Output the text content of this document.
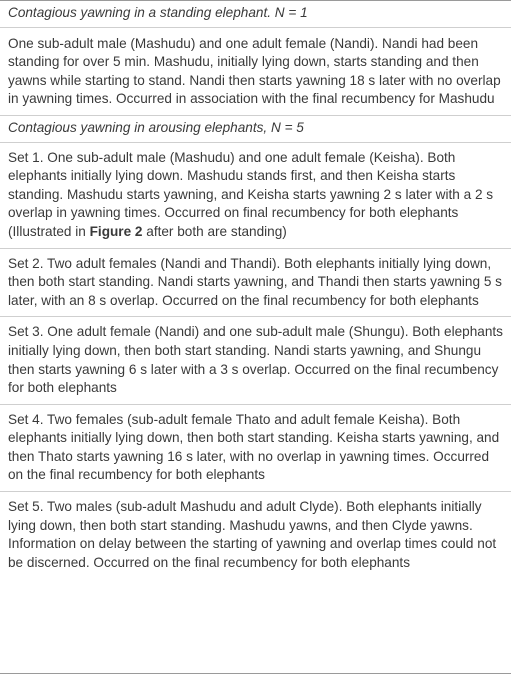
Contagious yawning in a standing elephant. N = 1
One sub-adult male (Mashudu) and one adult female (Nandi). Nandi had been standing for over 5 min. Mashudu, initially lying down, starts standing and then yawns while starting to stand. Nandi then starts yawning 18 s later with no overlap in yawning times. Occurred in association with the final recumbency for Mashudu
Contagious yawning in arousing elephants, N = 5
Set 1. One sub-adult male (Mashudu) and one adult female (Keisha). Both elephants initially lying down. Mashudu stands first, and then Keisha starts standing. Mashudu starts yawning, and Keisha starts yawning 2 s later with a 2 s overlap in yawning times. Occurred on final recumbency for both elephants (Illustrated in Figure 2 after both are standing)
Set 2. Two adult females (Nandi and Thandi). Both elephants initially lying down, then both start standing. Nandi starts yawning, and Thandi then starts yawning 5 s later, with an 8 s overlap. Occurred on the final recumbency for both elephants
Set 3. One adult female (Nandi) and one sub-adult male (Shungu). Both elephants initially lying down, then both start standing. Nandi starts yawning, and Shungu then starts yawning 6 s later with a 3 s overlap. Occurred on the final recumbency for both elephants
Set 4. Two females (sub-adult female Thato and adult female Keisha). Both elephants initially lying down, then both start standing. Keisha starts yawning, and then Thato starts yawning 16 s later, with no overlap in yawning times. Occurred on the final recumbency for both elephants
Set 5. Two males (sub-adult Mashudu and adult Clyde). Both elephants initially lying down, then both start standing. Mashudu yawns, and then Clyde yawns. Information on delay between the starting of yawning and overlap times could not be discerned. Occurred on the final recumbency for both elephants
